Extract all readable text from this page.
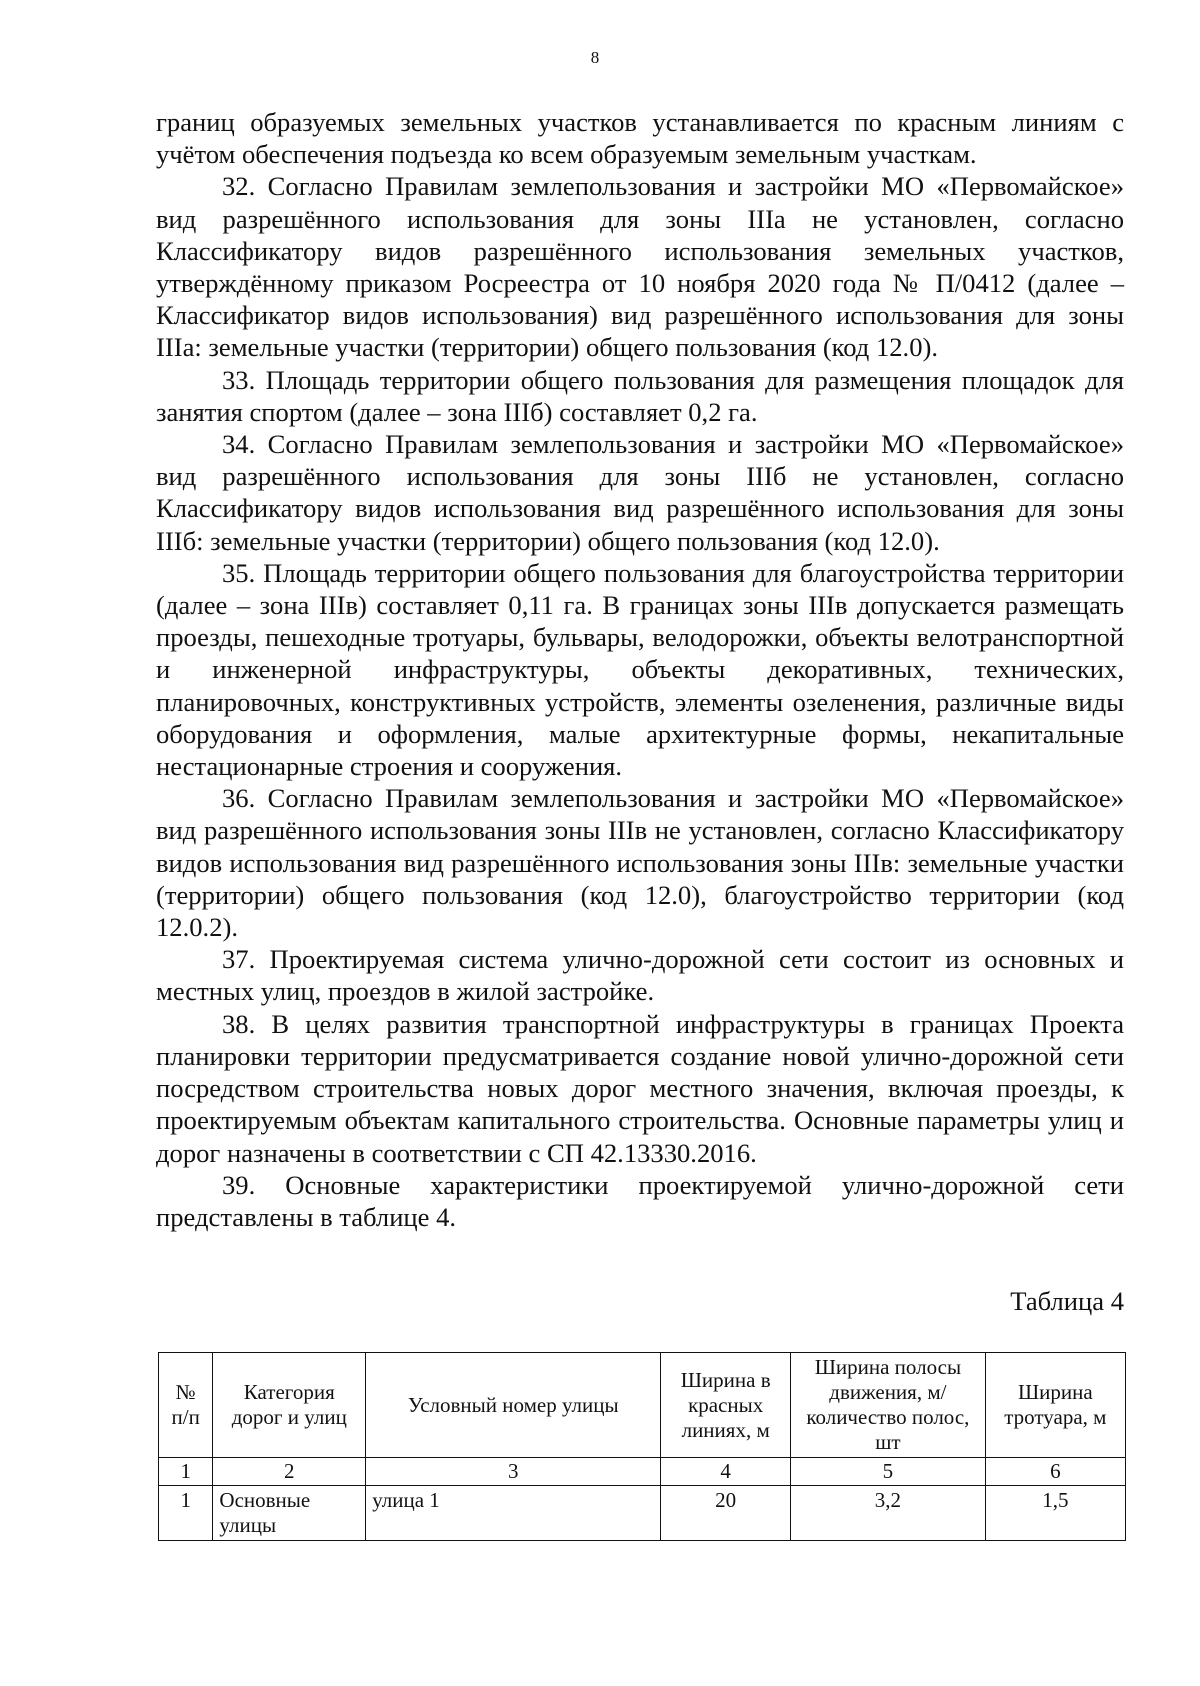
8

границ образуемых земельных участков устанавливается по красным линиям с учётом обеспечения подъезда ко всем образуемым земельным участкам.

32. Согласно Правилам землепользования и застройки МО «Первомайское» вид разрешённого использования для зоны IIIа не установлен, согласно Классификатору видов разрешённого использования земельных участков, утверждённому приказом Росреестра от 10 ноября 2020 года № П/0412 (далее – Классификатор видов использования) вид разрешённого использования для зоны IIIа: земельные участки (территории) общего пользования (код 12.0).

33. Площадь территории общего пользования для размещения площадок для занятия спортом (далее – зона IIIб) составляет 0,2 га.

34. Согласно Правилам землепользования и застройки МО «Первомайское» вид разрешённого использования для зоны IIIб не установлен, согласно Классификатору видов использования вид разрешённого использования для зоны IIIб: земельные участки (территории) общего пользования (код 12.0).

35. Площадь территории общего пользования для благоустройства территории (далее – зона IIIв) составляет 0,11 га. В границах зоны IIIв допускается размещать проезды, пешеходные тротуары, бульвары, велодорожки, объекты велотранспортной и инженерной инфраструктуры, объекты декоративных, технических, планировочных, конструктивных устройств, элементы озеленения, различные виды оборудования и оформления, малые архитектурные формы, некапитальные нестационарные строения и сооружения.

36. Согласно Правилам землепользования и застройки МО «Первомайское» вид разрешённого использования зоны IIIв не установлен, согласно Классификатору видов использования вид разрешённого использования зоны IIIв: земельные участки (территории) общего пользования (код 12.0), благоустройство территории (код 12.0.2).

37. Проектируемая система улично-дорожной сети состоит из основных и местных улиц, проездов в жилой застройке.

38. В целях развития транспортной инфраструктуры в границах Проекта планировки территории предусматривается создание новой улично-дорожной сети посредством строительства новых дорог местного значения, включая проезды, к проектируемым объектам капитального строительства. Основные параметры улиц и дорог назначены в соответствии с СП 42.13330.2016.

39. Основные характеристики проектируемой улично-дорожной сети представлены в таблице 4.

Таблица 4
№ п/п	Категория дорог и улиц	Условный номер улицы	Ширина в красных линиях, м	Ширина полосы движения, м/ количество полос, шт	Ширина тротуара, м
1	2	3	4	5	6
1	Основные улицы	улица 1	20	3,2	1,5
